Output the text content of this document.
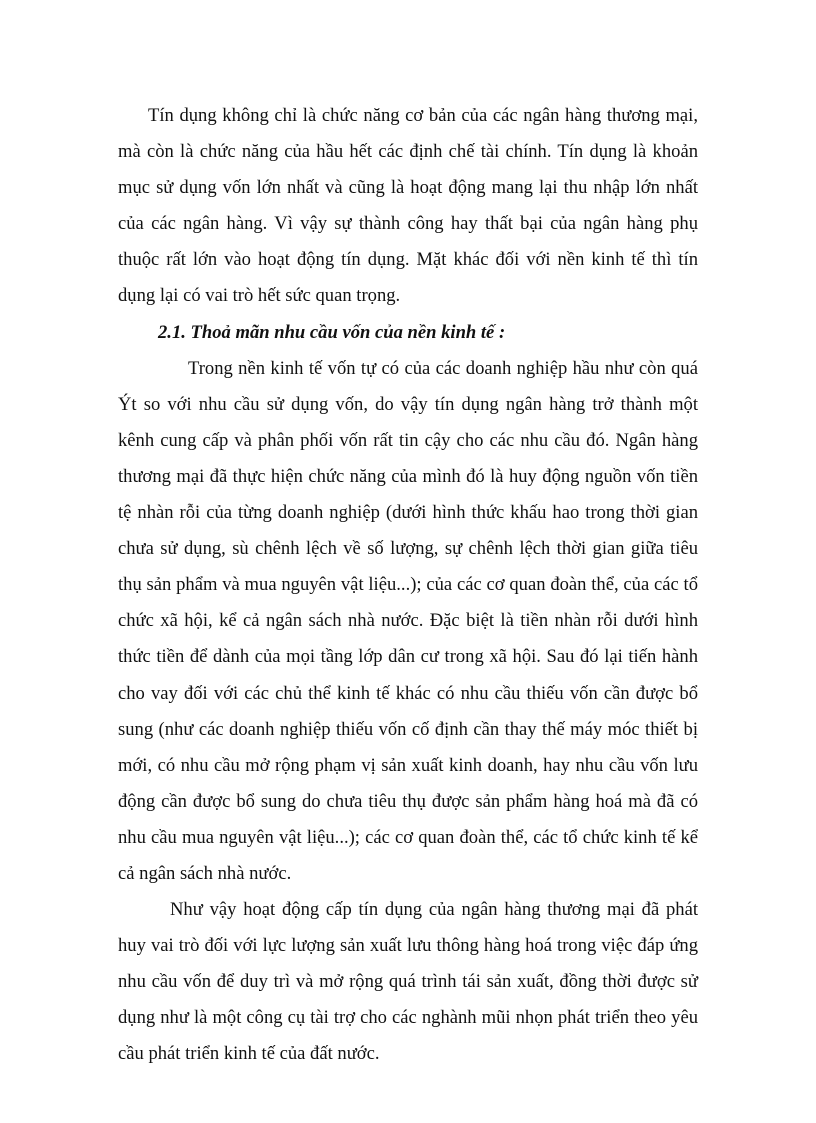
Tín dụng không chỉ là chức năng cơ bản của các ngân hàng thương mại, mà còn là chức năng của hầu hết các định chế tài chính. Tín dụng là khoản mục sử dụng vốn lớn nhất và cũng là hoạt động mang lại thu nhập lớn nhất của các ngân hàng. Vì vậy sự thành công hay thất bại của ngân hàng phụ thuộc rất lớn vào hoạt động tín dụng. Mặt khác đối với nền kinh tế thì tín dụng lại có vai trò hết sức quan trọng.

2.1. Thoả mãn nhu cầu vốn của nền kinh tế :

Trong nền kinh tế vốn tự có của các doanh nghiệp hầu như còn quá Ýt so với nhu cầu sử dụng vốn, do vậy tín dụng ngân hàng trở thành một kênh cung cấp và phân phối vốn rất tin cậy cho các nhu cầu đó. Ngân hàng thương mại đã thực hiện chức năng của mình đó là huy động nguồn vốn tiền tệ nhàn rỗi của từng doanh nghiệp (dưới hình thức khấu hao trong thời gian chưa sử dụng, sù chênh lệch về số lượng, sự chênh lệch thời gian giữa tiêu thụ sản phẩm và mua nguyên vật liệu...); của các cơ quan đoàn thể, của các tổ chức xã hội, kể cả ngân sách nhà nước. Đặc biệt là tiền nhàn rỗi dưới hình thức tiền để dành của mọi tầng lớp dân cư trong xã hội. Sau đó lại tiến hành cho vay đối với các chủ thể kinh tế khác có nhu cầu thiếu vốn cần được bổ sung (như các doanh nghiệp thiếu vốn cố định cần thay thế máy móc thiết bị mới, có nhu cầu mở rộng phạm vị sản xuất kinh doanh, hay nhu cầu vốn lưu động cần được bổ sung do chưa tiêu thụ được sản phẩm hàng hoá mà đã có nhu cầu mua nguyên vật liệu...); các cơ quan đoàn thể, các tổ chức kinh tế kể cả ngân sách nhà nước.

Như vậy hoạt động cấp tín dụng của ngân hàng thương mại đã phát huy vai trò đối với lực lượng sản xuất lưu thông hàng hoá trong việc đáp ứng nhu cầu vốn để duy trì và mở rộng quá trình tái sản xuất, đồng thời được sử dụng như là một công cụ tài trợ cho các nghành mũi nhọn phát triển theo yêu cầu phát triển kinh tế của đất nước.
